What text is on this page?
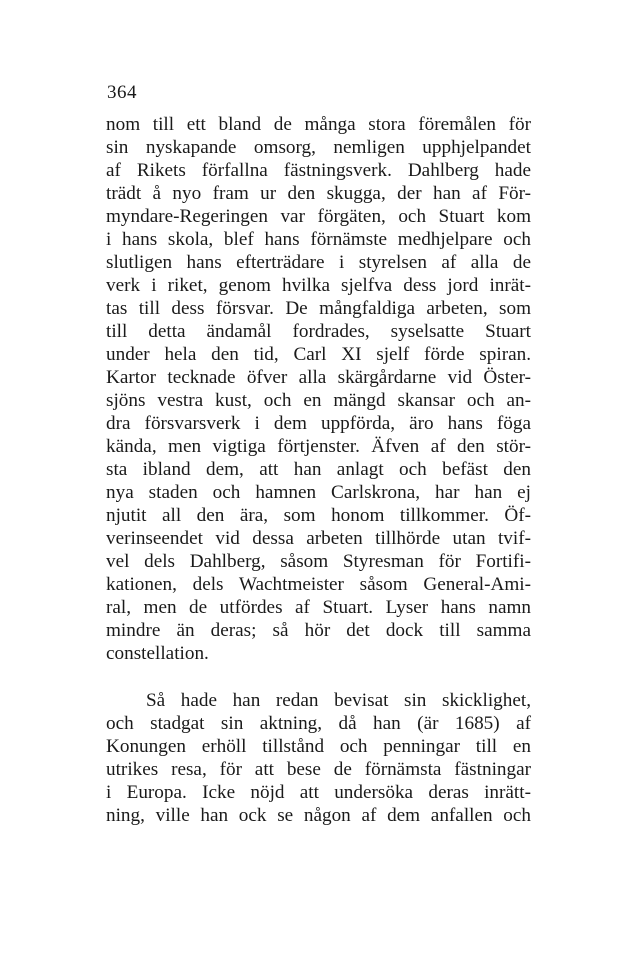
364
nom till ett bland de många stora föremålen för
sin nyskapande omsorg, nemligen upphjelpandet
af Rikets förfallna fästningsverk. Dahlberg hade
trädt å nyo fram ur den skugga, der han af För-
myndare-Regeringen var förgäten, och Stuart kom
i hans skola, blef hans förnämste medhjelpare och
slutligen hans efterträdare i styrelsen af alla de
verk i riket, genom hvilka sjelfva dess jord inrät-
tas till dess försvar. De mångfaldiga arbeten, som
till detta ändamål fordrades, syselsatte Stuart
under hela den tid, Carl XI sjelf förde spiran.
Kartor tecknade öfver alla skärgårdarne vid Öster-
sjöns vestra kust, och en mängd skansar och an-
dra försvarsverk i dem uppförda, äro hans föga
kända, men vigtiga förtjenster. Äfven af den stör-
sta ibland dem, att han anlagt och befäst den
nya staden och hamnen Carlskrona, har han ej
njutit all den ära, som honom tillkommer. Öf-
verinseendet vid dessa arbeten tillhörde utan tvif-
vel dels Dahlberg, såsom Styresman för Fortifi-
kationen, dels Wachtmeister såsom General-Ami-
ral, men de utfördes af Stuart. Lyser hans namn
mindre än deras; så hör det dock till samma
constellation.
Så hade han redan bevisat sin skicklighet,
och stadgat sin aktning, då han (är 1685) af
Konungen erhöll tillstånd och penningar till en
utrikes resa, för att bese de förnämsta fästningar
i Europa. Icke nöjd att undersöka deras inrätt-
ning, ville han ock se någon af dem anfallen och
